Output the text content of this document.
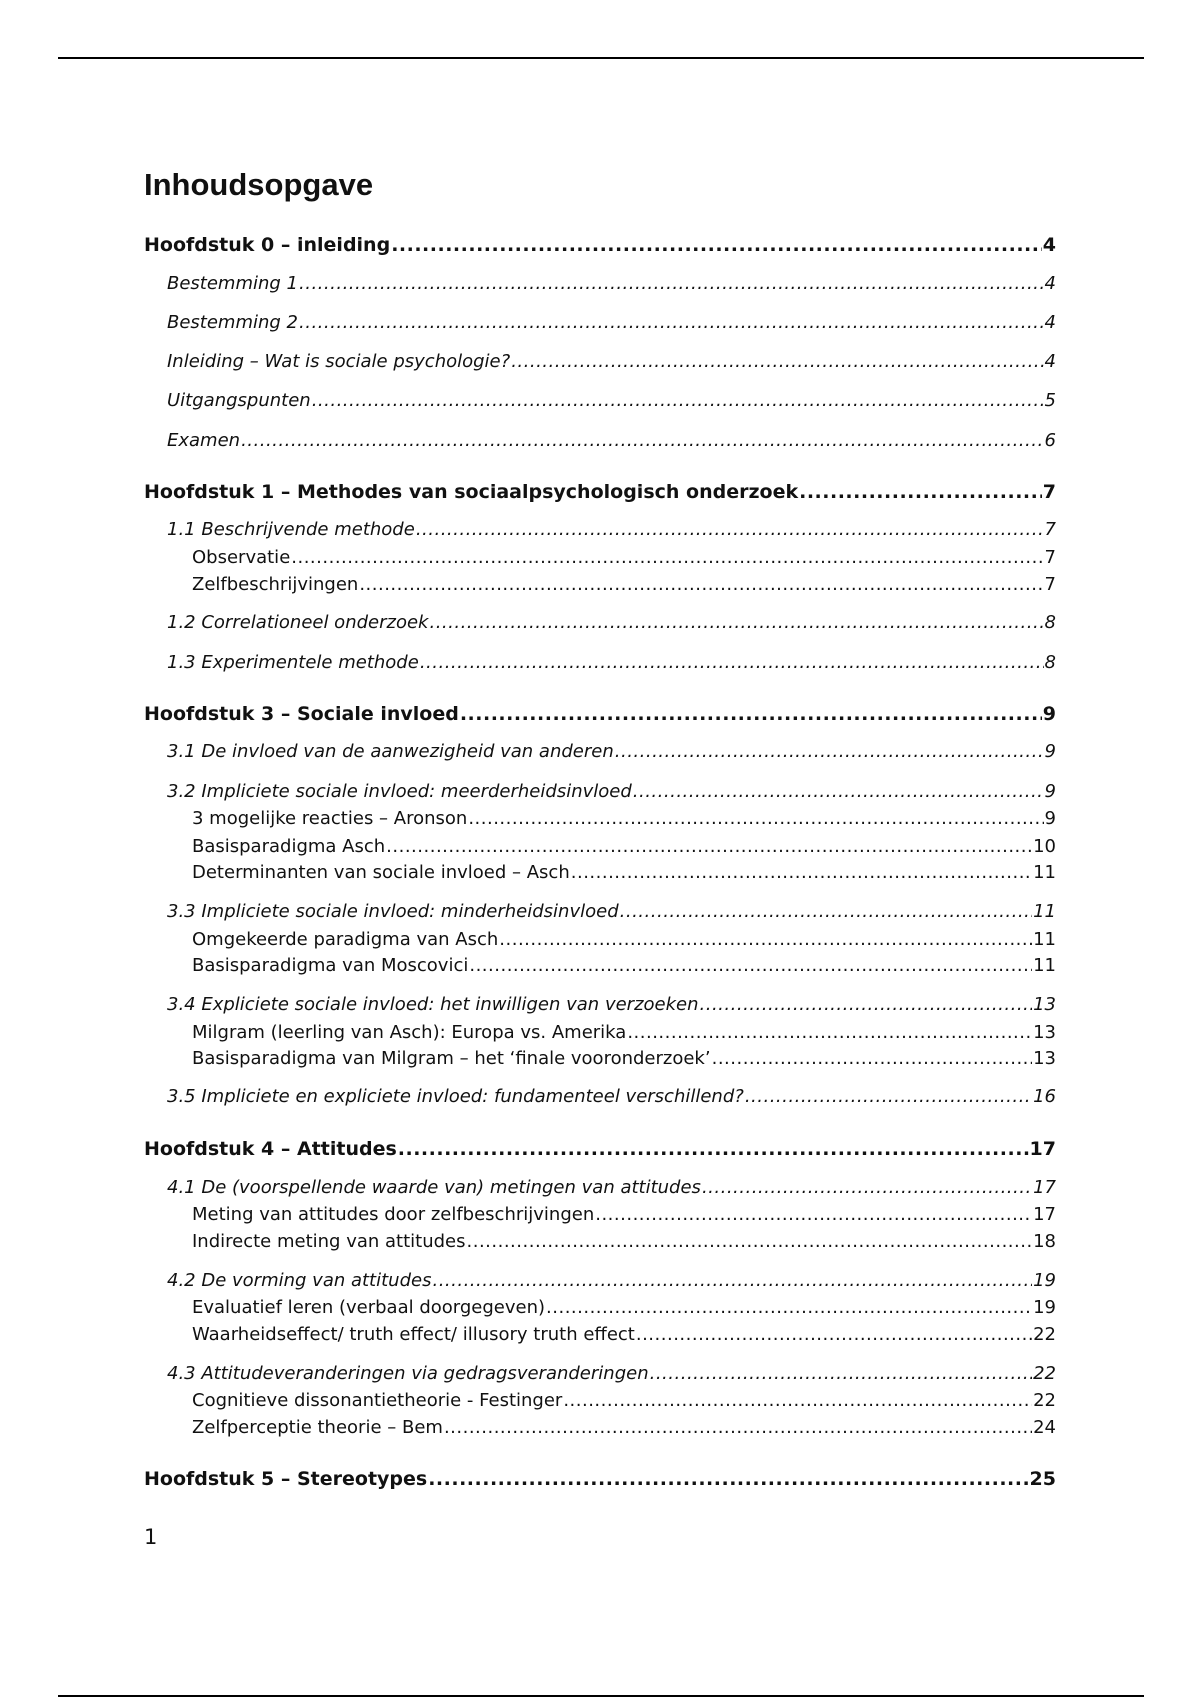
Inhoudsopgave
Hoofdstuk 0 – inleiding .....	4
Bestemming 1 .....	4
Bestemming 2 .....	4
Inleiding – Wat is sociale psychologie? .....	4
Uitgangspunten .....	5
Examen .....	6
Hoofdstuk 1 – Methodes van sociaalpsychologisch onderzoek .....	7
1.1 Beschrijvende methode .....	7
Observatie .....	7
Zelfbeschrijvingen .....	7
1.2 Correlationeel onderzoek .....	8
1.3 Experimentele methode .....	8
Hoofdstuk 3 – Sociale invloed .....	9
3.1 De invloed van de aanwezigheid van anderen .....	9
3.2 Impliciete sociale invloed: meerderheidsinvloed .....	9
3 mogelijke reacties – Aronson .....	9
Basisparadigma Asch .....	10
Determinanten van sociale invloed – Asch .....	11
3.3 Impliciete sociale invloed: minderheidsinvloed .....	11
Omgekeerde paradigma van Asch .....	11
Basisparadigma van Moscovici .....	11
3.4 Expliciete sociale invloed: het inwilligen van verzoeken .....	13
Milgram (leerling van Asch): Europa vs. Amerika .....	13
Basisparadigma van Milgram – het ‘finale vooronderzoek’ .....	13
3.5 Impliciete en expliciete invloed: fundamenteel verschillend? .....	16
Hoofdstuk 4 – Attitudes .....	17
4.1 De (voorspellende waarde van) metingen van attitudes .....	17
Meting van attitudes door zelfbeschrijvingen .....	17
Indirecte meting van attitudes .....	18
4.2 De vorming van attitudes .....	19
Evaluatief leren (verbaal doorgegeven) .....	19
Waarheidseffect/ truth effect/ illusory truth effect .....	22
4.3 Attitudeveranderingen via gedragsveranderingen .....	22
Cognitieve dissonantietheorie - Festinger .....	22
Zelfperceptie theorie – Bem .....	24
Hoofdstuk 5 – Stereotypes .....	25
1
